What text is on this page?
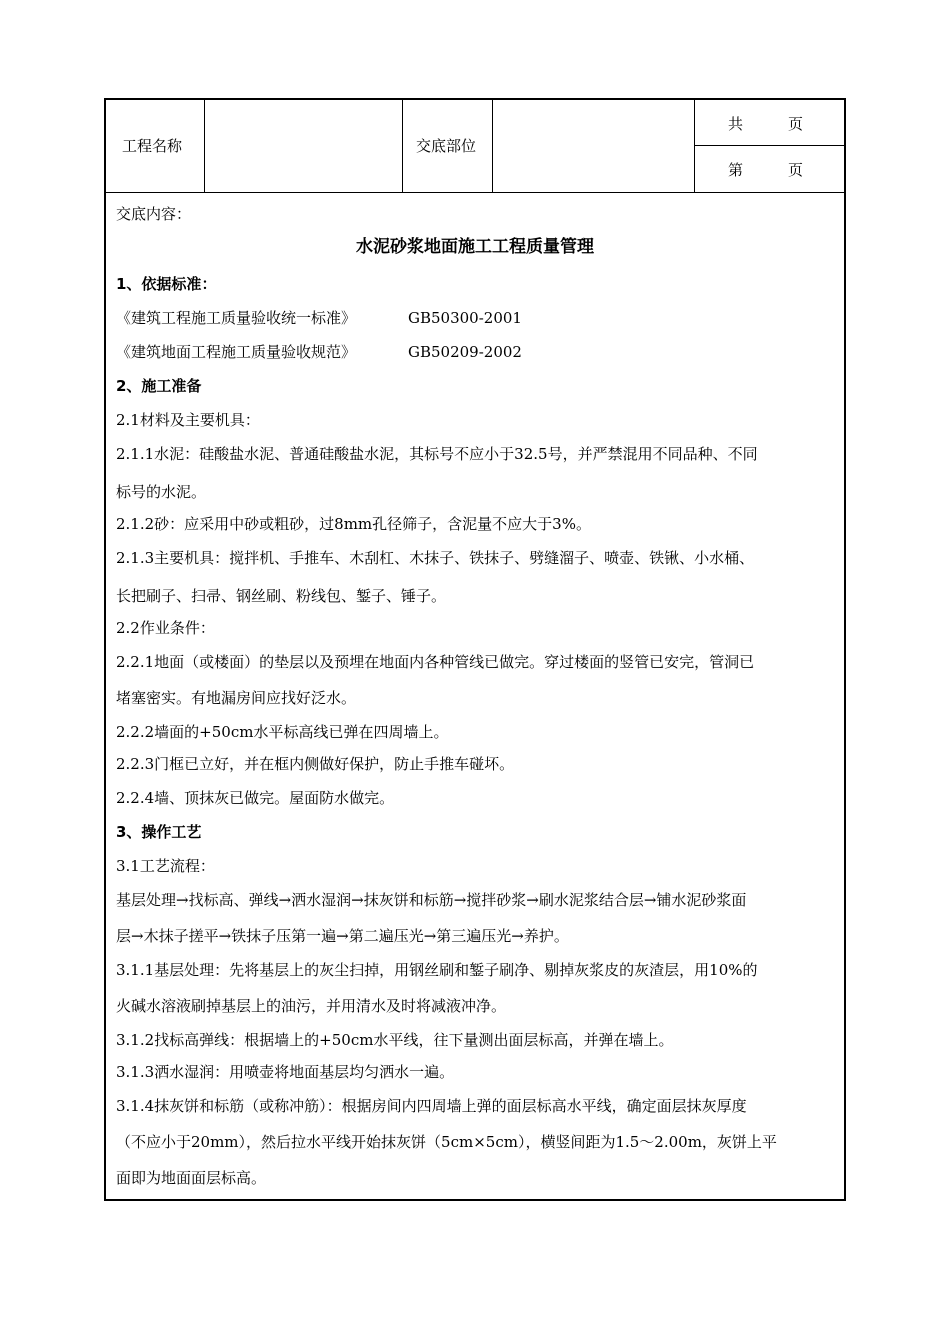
工程名称	交底部位
共　　　页
第　　　页
交底内容：
水泥砂浆地面施工工程质量管理
1、依据标准：
《建筑工程施工质量验收统一标准》	GB50300-2001
《建筑地面工程施工质量验收规范》	GB50209-2002
2、施工准备
2.1材料及主要机具：
2.1.1水泥：硅酸盐水泥、普通硅酸盐水泥，其标号不应小于32.5号，并严禁混用不同品种、不同
标号的水泥。
2.1.2砂：应采用中砂或粗砂，过8mm孔径筛子，含泥量不应大于3%。
2.1.3主要机具：搅拌机、手推车、木刮杠、木抹子、铁抹子、劈缝溜子、喷壶、铁锹、小水桶、
长把刷子、扫帚、钢丝刷、粉线包、錾子、锤子。
2.2作业条件：
2.2.1地面（或楼面）的垫层以及预埋在地面内各种管线已做完。穿过楼面的竖管已安完，管洞已
堵塞密实。有地漏房间应找好泛水。
2.2.2墙面的+50cm水平标高线已弹在四周墙上。
2.2.3门框已立好，并在框内侧做好保护，防止手推车碰坏。
2.2.4墙、顶抹灰已做完。屋面防水做完。
3、操作工艺
3.1工艺流程：
基层处理→找标高、弹线→洒水湿润→抹灰饼和标筋→搅拌砂浆→刷水泥浆结合层→铺水泥砂浆面
层→木抹子搓平→铁抹子压第一遍→第二遍压光→第三遍压光→养护。
3.1.1基层处理：先将基层上的灰尘扫掉，用钢丝刷和錾子刷净、剔掉灰浆皮的灰渣层，用10%的
火碱水溶液刷掉基层上的油污，并用清水及时将减液冲净。
3.1.2找标高弹线：根据墙上的+50cm水平线，往下量测出面层标高，并弹在墙上。
3.1.3洒水湿润：用喷壶将地面基层均匀洒水一遍。
3.1.4抹灰饼和标筋（或称冲筋）：根据房间内四周墙上弹的面层标高水平线，确定面层抹灰厚度
（不应小于20mm），然后拉水平线开始抹灰饼（5cm×5cm），横竖间距为1.5～2.00m，灰饼上平
面即为地面面层标高。
